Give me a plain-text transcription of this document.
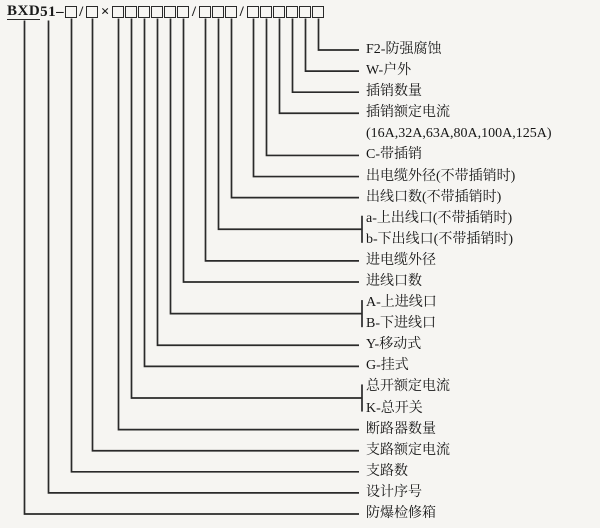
BXD 51 – / ×	/	/
F2-防强腐蚀
W-户外
插销数量
插销额定电流
(16A,32A,63A,80A,100A,125A)
C-带插销
出电缆外径(不带插销时)
出线口数(不带插销时)
a-上出线口(不带插销时)
b-下出线口(不带插销时)
进电缆外径
进线口数
A-上进线口
B-下进线口
Y-移动式
G-挂式
总开额定电流
K-总开关
断路器数量
支路额定电流
支路数
设计序号
防爆检修箱
